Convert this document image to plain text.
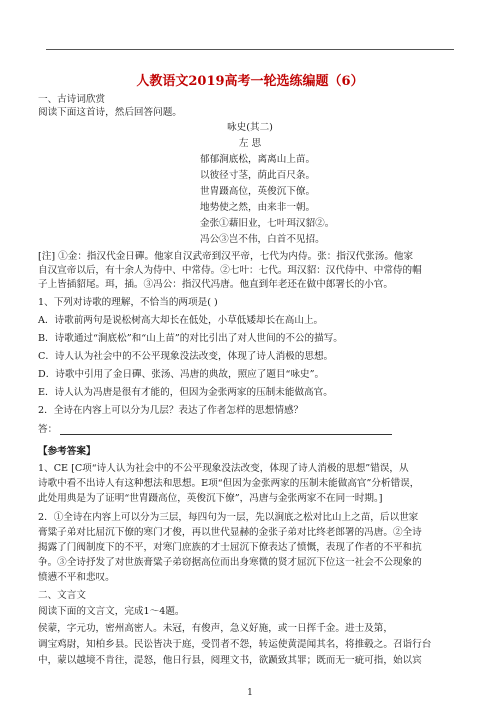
人教语文2019高考一轮选练编题（6）
一、古诗词欣赏
阅读下面这首诗，然后回答问题。
咏史(其二)
左 思
郁郁涧底松，离离山上苗。
以彼径寸茎，荫此百尺条。
世胄蹑高位，英俊沉下僚。
地势使之然，由来非一朝。
金张①藉旧业，七叶珥汉貂②。
冯公③岂不伟，白首不见招。
[注] ①金：指汉代金日磾。他家自汉武帝到汉平帝，七代为内侍。张：指汉代张汤。他家
自汉宣帝以后，有十余人为侍中、中常侍。②七叶：七代。珥汉貂：汉代侍中、中常侍的帽
子上皆插貂尾。珥，插。③冯公：指汉代冯唐。他直到年老还在做中郎署长的小官。
1、下列对诗歌的理解，不恰当的两项是( )
A．诗歌前两句是说松树高大却长在低处，小草低矮却长在高山上。
B．诗歌通过“涧底松”和“山上苗”的对比引出了对人世间的不公的描写。
C．诗人认为社会中的不公平现象没法改变，体现了诗人消极的思想。
D．诗歌中引用了金日磾、张汤、冯唐的典故，照应了题目“咏史”。
E．诗人认为冯唐是很有才能的，但因为金张两家的压制未能做高官。
2．全诗在内容上可以分为几层？表达了作者怎样的思想情感？
答：
【参考答案】
1、CE [C项“诗人认为社会中的不公平现象没法改变，体现了诗人消极的思想”错误，从
诗歌中看不出诗人有这种想法和思想。E项“但因为金张两家的压制未能做高官”分析错误，
此处用典是为了证明“世胄蹑高位，英俊沉下僚”，冯唐与金张两家不在同一时期。]
2．①全诗在内容上可以分为三层，每四句为一层，先以涧底之松对比山上之苗，后以世家
膏粱子弟对比屈沉下僚的寒门才俊，再以世代显赫的金张子弟对比终老郎署的冯唐。②全诗
揭露了门阀制度下的不平，对寒门庶族的才士屈沉下僚表达了愤慨，表现了作者的不平和抗
争。③全诗抒发了对世族膏粱子弟窃据高位而出身寒微的贤才屈沉下位这一社会不公现象的
愤懑不平和悲叹。
二、文言文
阅读下面的文言文，完成1～4题。
侯蒙，字元功，密州高密人。未冠，有俊声，急义好施，或一日挥千金。进士及第，
调宝鸡尉，知柏乡县。民讼皆决于庭，受罚者不怨，转运使黄湜闻其名，将推毂之。召诣行台
中，蒙以越境不肯往，湜怒，他日行县，阅理文书，欲踬致其罪；既而无一疵可指，始以宾
1
